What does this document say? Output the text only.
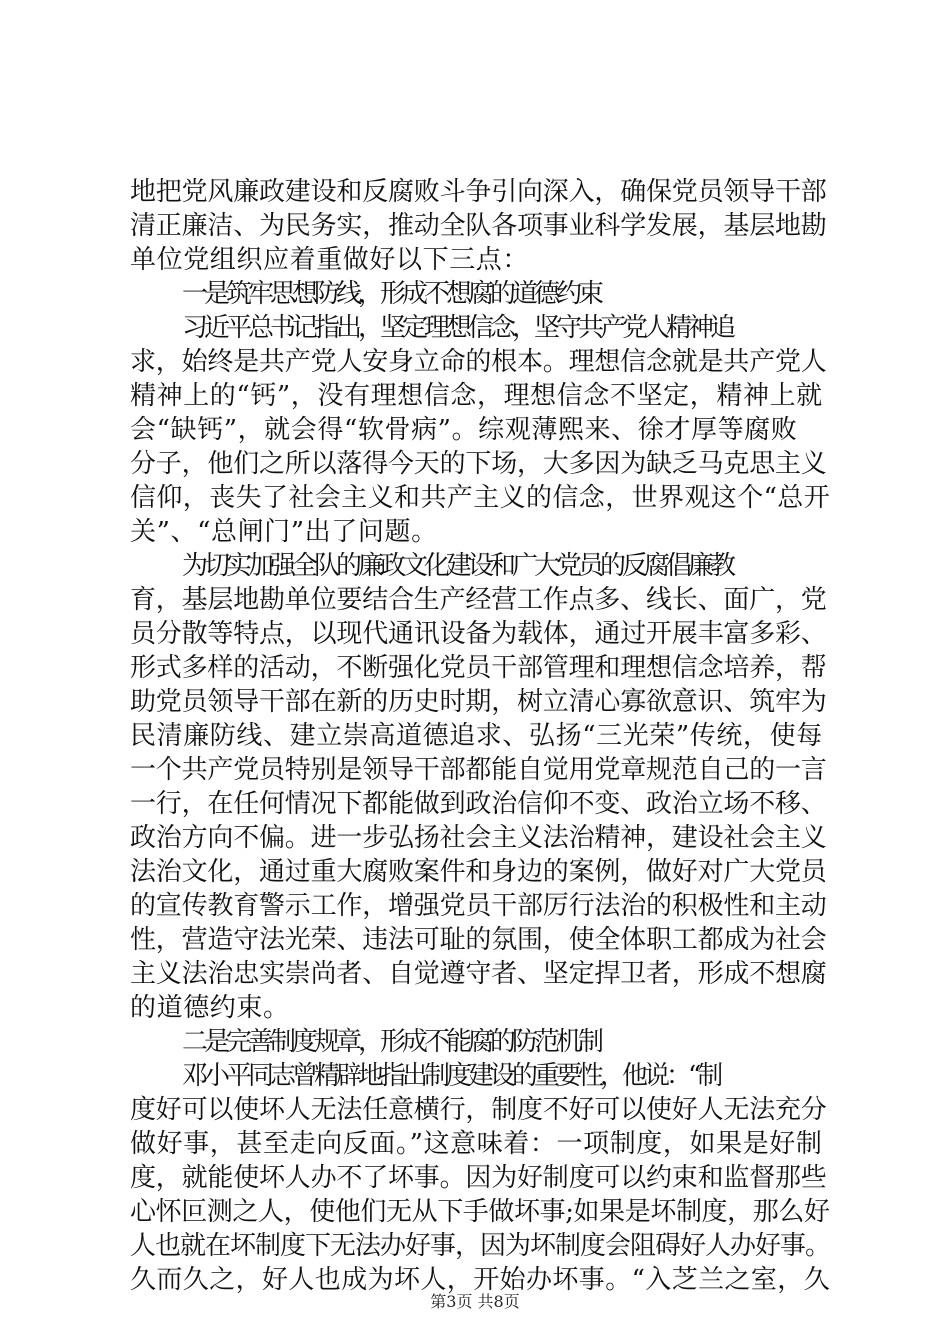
地把党风廉政建设和反腐败斗争引向深入，确保党员领导干部
清正廉洁、为民务实，推动全队各项事业科学发展，基层地勘
单位党组织应着重做好以下三点：
一是筑牢思想防线，形成不想腐的道德约束
习近平总书记指出，坚定理想信念，坚守共产党人精神追
求，始终是共产党人安身立命的根本。理想信念就是共产党人
精神上的“钙”，没有理想信念，理想信念不坚定，精神上就
会“缺钙”，就会得“软骨病”。综观薄熙来、徐才厚等腐败
分子，他们之所以落得今天的下场，大多因为缺乏马克思主义
信仰，丧失了社会主义和共产主义的信念，世界观这个“总开
关”、“总闸门”出了问题。
为切实加强全队的廉政文化建设和广大党员的反腐倡廉教
育，基层地勘单位要结合生产经营工作点多、线长、面广，党
员分散等特点，以现代通讯设备为载体，通过开展丰富多彩、
形式多样的活动，不断强化党员干部管理和理想信念培养，帮
助党员领导干部在新的历史时期，树立清心寡欲意识、筑牢为
民清廉防线、建立崇高道德追求、弘扬“三光荣”传统，使每
一个共产党员特别是领导干部都能自觉用党章规范自己的一言
一行，在任何情况下都能做到政治信仰不变、政治立场不移、
政治方向不偏。进一步弘扬社会主义法治精神，建设社会主义
法治文化，通过重大腐败案件和身边的案例，做好对广大党员
的宣传教育警示工作，增强党员干部厉行法治的积极性和主动
性，营造守法光荣、违法可耻的氛围，使全体职工都成为社会
主义法治忠实崇尚者、自觉遵守者、坚定捍卫者，形成不想腐
的道德约束。
二是完善制度规章，形成不能腐的防范机制
邓小平同志曾精辟地指出制度建设的重要性，他说：“制
度好可以使坏人无法任意横行，制度不好可以使好人无法充分
做好事，甚至走向反面。”这意味着：一项制度，如果是好制
度，就能使坏人办不了坏事。因为好制度可以约束和监督那些
心怀叵测之人，使他们无从下手做坏事;如果是坏制度，那么好
人也就在坏制度下无法办好事，因为坏制度会阻碍好人办好事。
久而久之，好人也成为坏人，开始办坏事。“入芝兰之室，久
第3页 共8页
